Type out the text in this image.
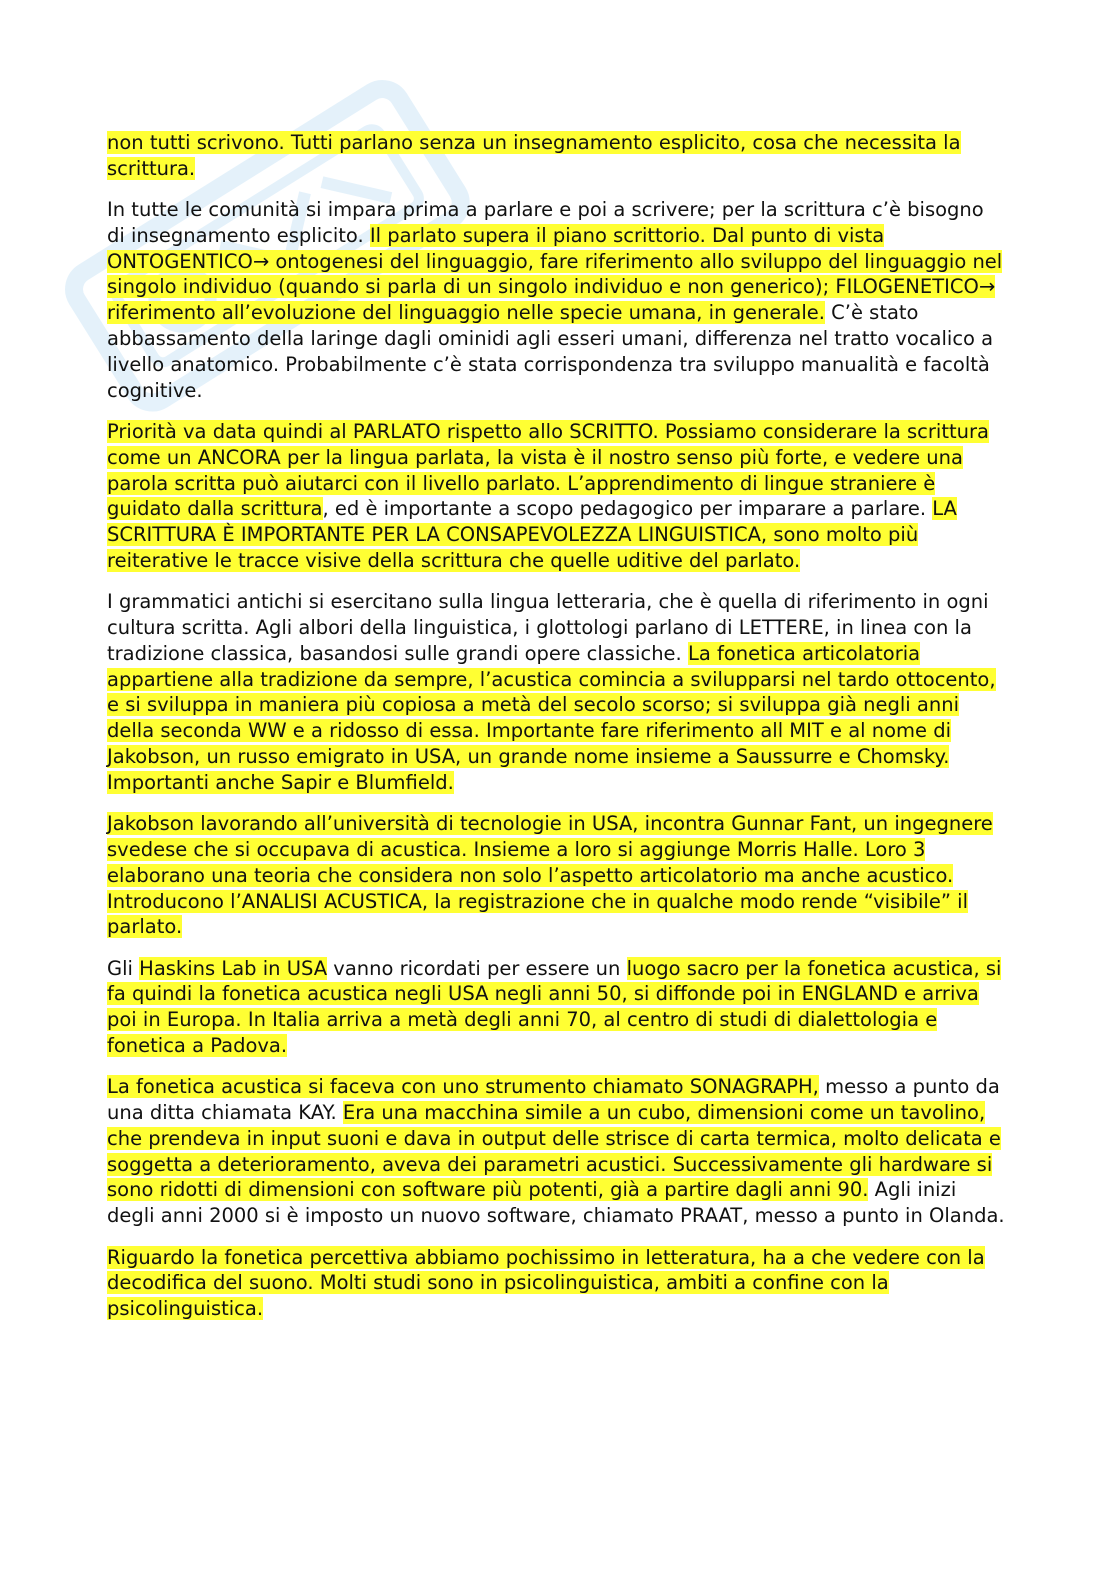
non tutti scrivono. Tutti parlano senza un insegnamento esplicito, cosa che necessita la scrittura.

In tutte le comunità si impara prima a parlare e poi a scrivere; per la scrittura c’è bisogno di insegnamento esplicito. Il parlato supera il piano scrittorio. Dal punto di vista ONTOGENTICO→ ontogenesi del linguaggio, fare riferimento allo sviluppo del linguaggio nel singolo individuo (quando si parla di un singolo individuo e non generico); FILOGENETICO→ riferimento all’evoluzione del linguaggio nelle specie umana, in generale. C’è stato abbassamento della laringe dagli ominidi agli esseri umani, differenza nel tratto vocalico a livello anatomico. Probabilmente c’è stata corrispondenza tra sviluppo manualità e facoltà cognitive.

Priorità va data quindi al PARLATO rispetto allo SCRITTO. Possiamo considerare la scrittura come un ANCORA per la lingua parlata, la vista è il nostro senso più forte, e vedere una parola scritta può aiutarci con il livello parlato. L’apprendimento di lingue straniere è guidato dalla scrittura, ed è importante a scopo pedagogico per imparare a parlare. LA SCRITTURA È IMPORTANTE PER LA CONSAPEVOLEZZA LINGUISTICA, sono molto più reiterative le tracce visive della scrittura che quelle uditive del parlato.

I grammatici antichi si esercitano sulla lingua letteraria, che è quella di riferimento in ogni cultura scritta. Agli albori della linguistica, i glottologi parlano di LETTERE, in linea con la tradizione classica, basandosi sulle grandi opere classiche. La fonetica articolatoria appartiene alla tradizione da sempre, l’acustica comincia a svilupparsi nel tardo ottocento, e si sviluppa in maniera più copiosa a metà del secolo scorso; si sviluppa già negli anni della seconda WW e a ridosso di essa. Importante fare riferimento all MIT e al nome di Jakobson, un russo emigrato in USA, un grande nome insieme a Saussurre e Chomsky. Importanti anche Sapir e Blumfield.

Jakobson lavorando all’università di tecnologie in USA, incontra Gunnar Fant, un ingegnere svedese che si occupava di acustica. Insieme a loro si aggiunge Morris Halle. Loro 3 elaborano una teoria che considera non solo l’aspetto articolatorio ma anche acustico. Introducono l’ANALISI ACUSTICA, la registrazione che in qualche modo rende “visibile” il parlato.

Gli Haskins Lab in USA vanno ricordati per essere un luogo sacro per la fonetica acustica, si fa quindi la fonetica acustica negli USA negli anni 50, si diffonde poi in ENGLAND e arriva poi in Europa. In Italia arriva a metà degli anni 70, al centro di studi di dialettologia e fonetica a Padova.

La fonetica acustica si faceva con uno strumento chiamato SONAGRAPH, messo a punto da una ditta chiamata KAY. Era una macchina simile a un cubo, dimensioni come un tavolino, che prendeva in input suoni e dava in output delle strisce di carta termica, molto delicata e soggetta a deterioramento, aveva dei parametri acustici. Successivamente gli hardware si sono ridotti di dimensioni con software più potenti, già a partire dagli anni 90. Agli inizi degli anni 2000 si è imposto un nuovo software, chiamato PRAAT, messo a punto in Olanda.

Riguardo la fonetica percettiva abbiamo pochissimo in letteratura, ha a che vedere con la decodifica del suono. Molti studi sono in psicolinguistica, ambiti a confine con la psicolinguistica.
